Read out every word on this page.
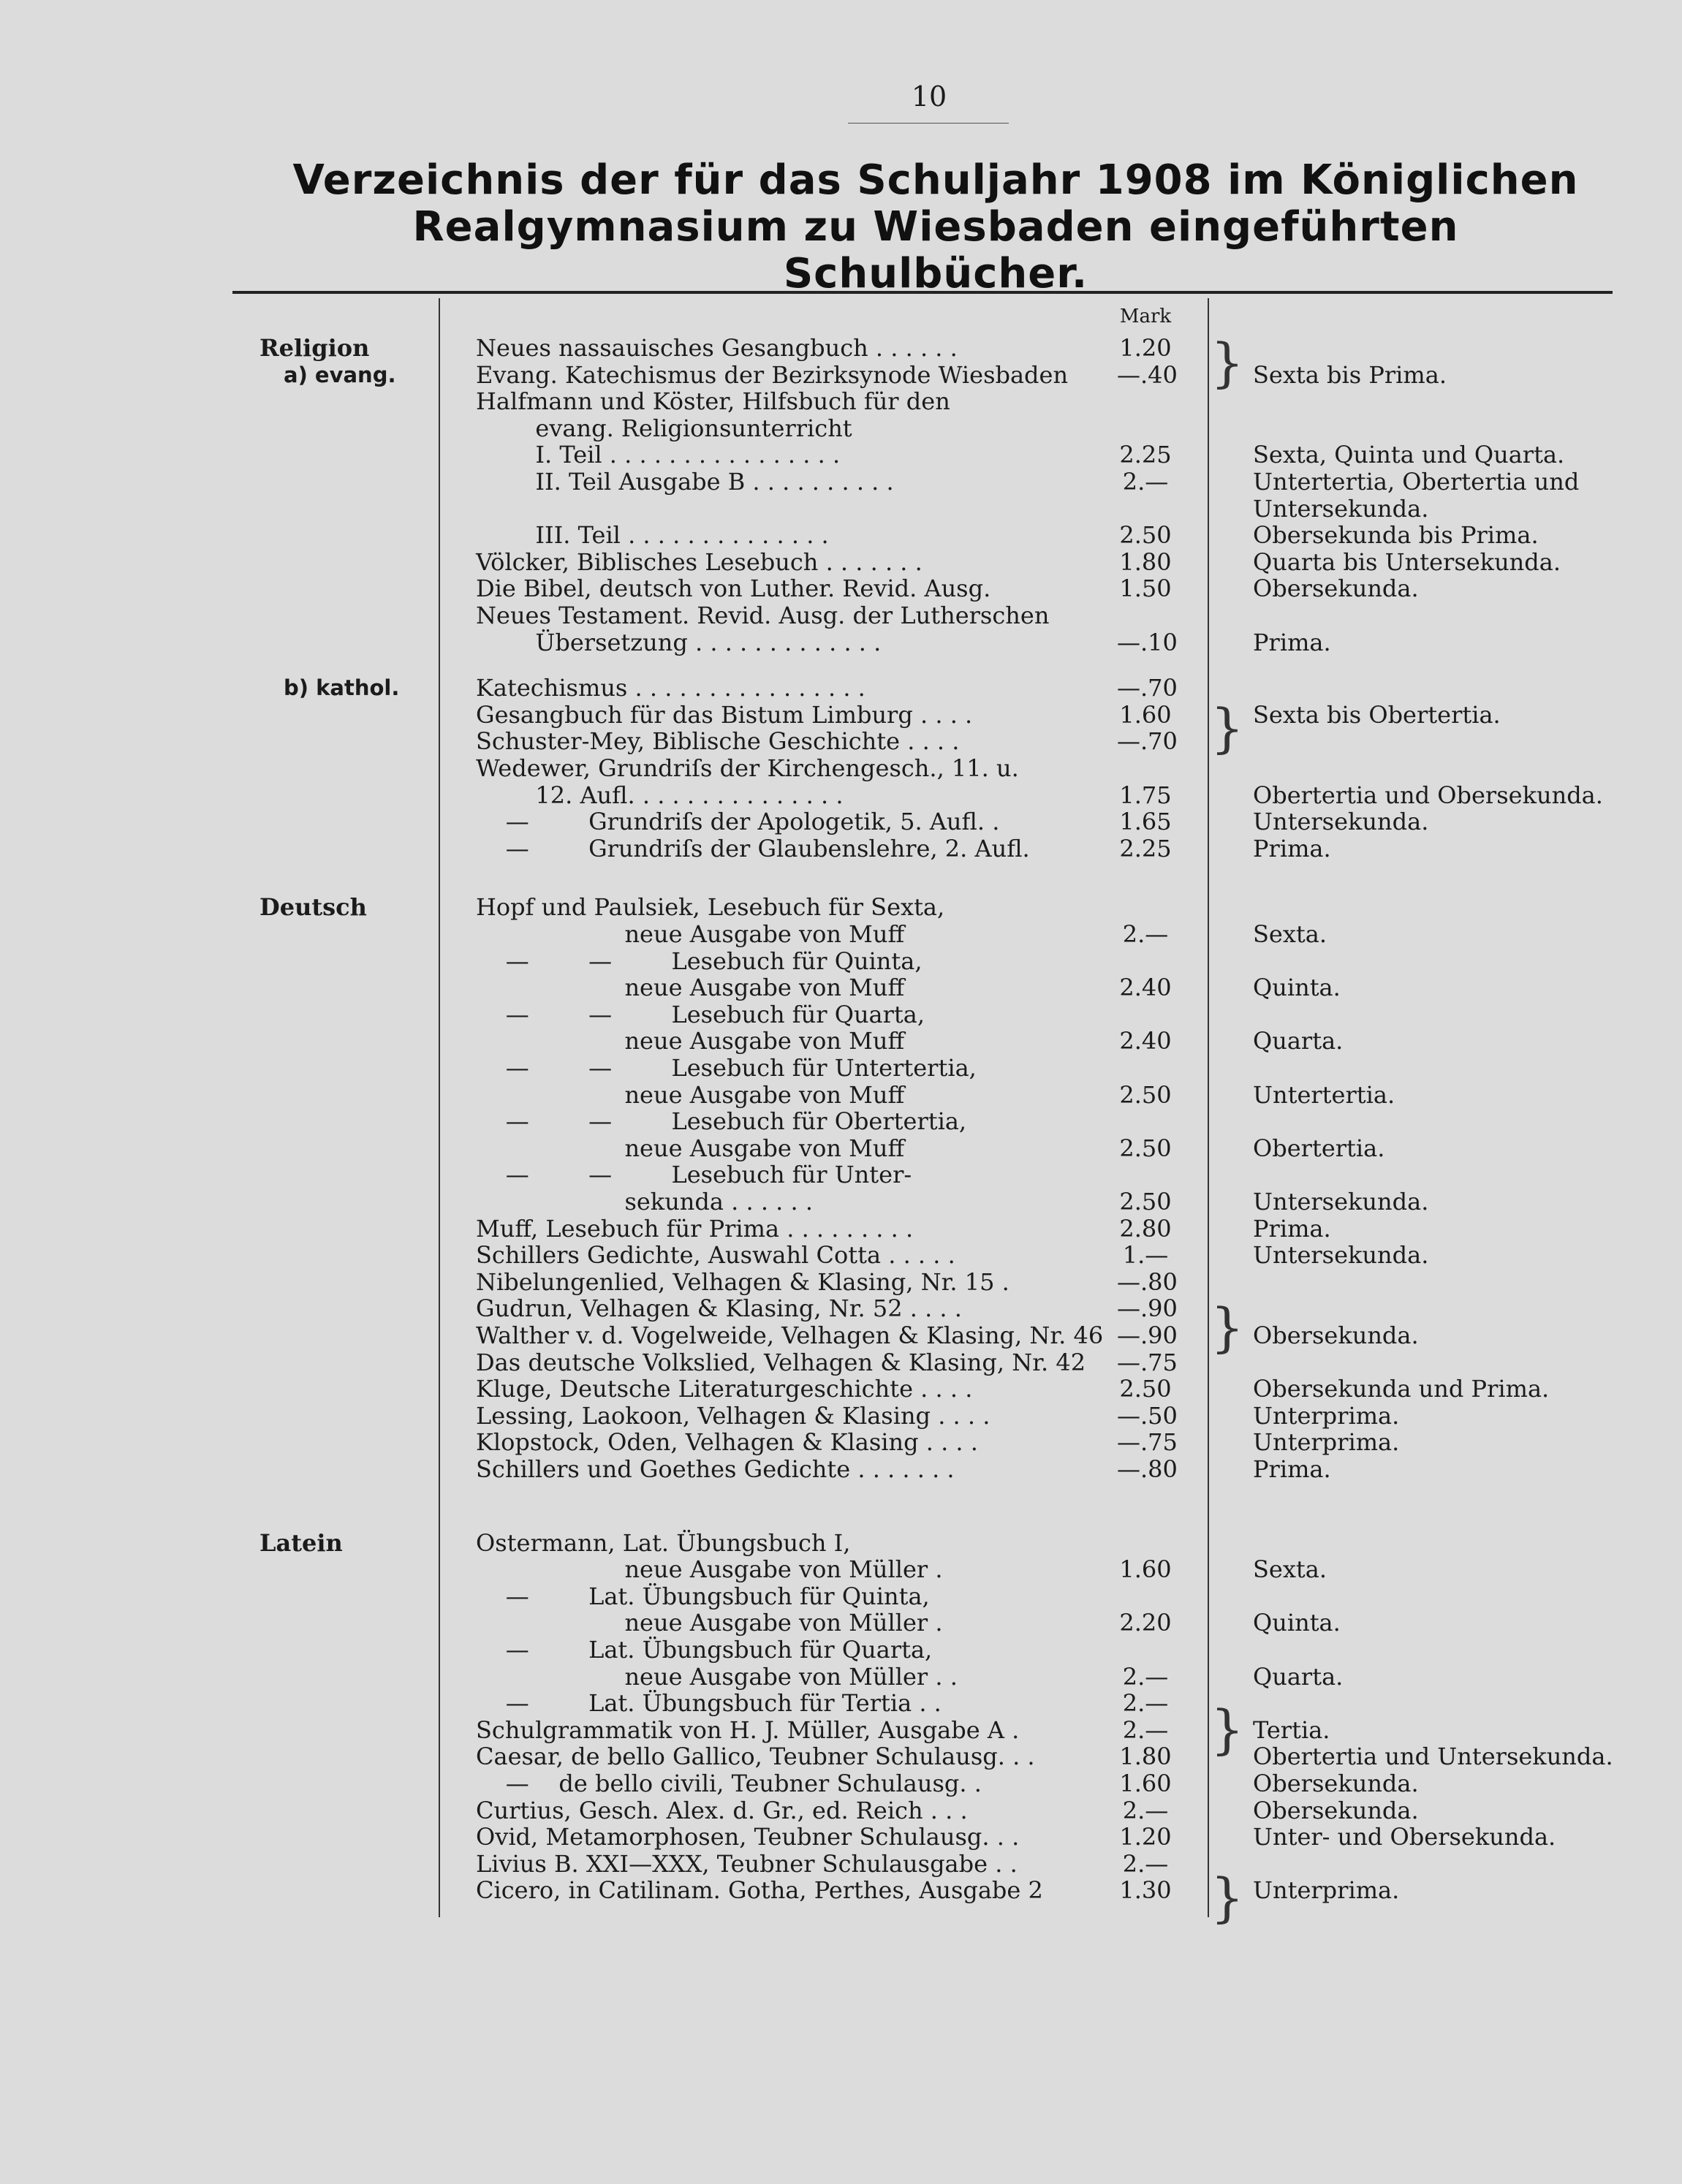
10
Verzeichnis der für das Schuljahr 1908 im Königlichen
Realgymnasium zu Wiesbaden eingeführten Schulbücher.
Mark
Religion	Neues nassauisches Gesangbuch . . . . . .	1.20
a) evang.	Evang. Katechismus der Bezirksynode Wiesbaden —.40	Sexta bis Prima.
Halfmann und Köster, Hilfsbuch für den
evang. Religionsunterricht
I. Teil . . . . . . . . . . . . . . . .	2.25	Sexta, Quinta und Quarta.
II. Teil Ausgabe B . . . . . . . . . .	2.—	Untertertia, Obertertia und
Untersekunda.
III. Teil . . . . . . . . . . . . . .	2.50	Obersekunda bis Prima.
Völcker, Biblisches Lesebuch . . . . . . .	1.80	Quarta bis Untersekunda.
Die Bibel, deutsch von Luther. Revid. Ausg.	1.50	Obersekunda.
Neues Testament. Revid. Ausg. der Lutherschen
Übersetzung . . . . . . . . . . . . .	—.10	Prima.
b) kathol.	Katechismus . . . . . . . . . . . . . . . .	—.70
Gesangbuch für das Bistum Limburg . . . .	1.60	Sexta bis Obertertia.
Schuster-Mey, Biblische Geschichte . . . .	—.70
Wedewer, Grundriſs der Kirchengesch., 11. u.
12. Aufl. . . . . . . . . . . . . . .	1.75	Obertertia und Obersekunda.
—        Grundriſs der Apologetik, 5. Aufl. .	1.65	Untersekunda.
—        Grundriſs der Glaubenslehre, 2. Aufl.	2.25	Prima.
Deutsch	Hopf und Paulsiek, Lesebuch für Sexta,
neue Ausgabe von Muff	2.—	Sexta.
—        —        Lesebuch für Quinta,
neue Ausgabe von Muff	2.40	Quinta.
—        —        Lesebuch für Quarta,
neue Ausgabe von Muff	2.40	Quarta.
—        —        Lesebuch für Untertertia,
neue Ausgabe von Muff	2.50	Untertertia.
—        —        Lesebuch für Obertertia,
neue Ausgabe von Muff	2.50	Obertertia.
—        —        Lesebuch für Unter-
sekunda . . . . . .	2.50	Untersekunda.
Muff, Lesebuch für Prima . . . . . . . . .	2.80	Prima.
Schillers Gedichte, Auswahl Cotta . . . . .	1.—	Untersekunda.
Nibelungenlied, Velhagen & Klasing, Nr. 15 .	—.80
Gudrun, Velhagen & Klasing, Nr. 52 . . . .	—.90
Walther v. d. Vogelweide, Velhagen & Klasing, Nr. 46 —.90	Obersekunda.
Das deutsche Volkslied, Velhagen & Klasing, Nr. 42 —.75
Kluge, Deutsche Literaturgeschichte . . . .	2.50	Obersekunda und Prima.
Lessing, Laokoon, Velhagen & Klasing . . . .	—.50	Unterprima.
Klopstock, Oden, Velhagen & Klasing . . . .	—.75	Unterprima.
Schillers und Goethes Gedichte . . . . . . .	—.80	Prima.
Latein	Ostermann, Lat. Übungsbuch I,
neue Ausgabe von Müller .	1.60	Sexta.
—        Lat. Übungsbuch für Quinta,
neue Ausgabe von Müller .	2.20	Quinta.
—        Lat. Übungsbuch für Quarta,
neue Ausgabe von Müller . .	2.—	Quarta.
—        Lat. Übungsbuch für Tertia . .	2.—
Schulgrammatik von H. J. Müller, Ausgabe A .	2.—	Tertia.
Caesar, de bello Gallico, Teubner Schulausg. . .	1.80	Obertertia und Untersekunda.
—    de bello civili, Teubner Schulausg. .	1.60	Obersekunda.
Curtius, Gesch. Alex. d. Gr., ed. Reich . . .	2.—	Obersekunda.
Ovid, Metamorphosen, Teubner Schulausg. . .	1.20	Unter- und Obersekunda.
Livius B. XXI—XXX, Teubner Schulausgabe . .	2.—
Cicero, in Catilinam. Gotha, Perthes, Ausgabe 2	1.30	Unterprima.
}
}
}
}
}
